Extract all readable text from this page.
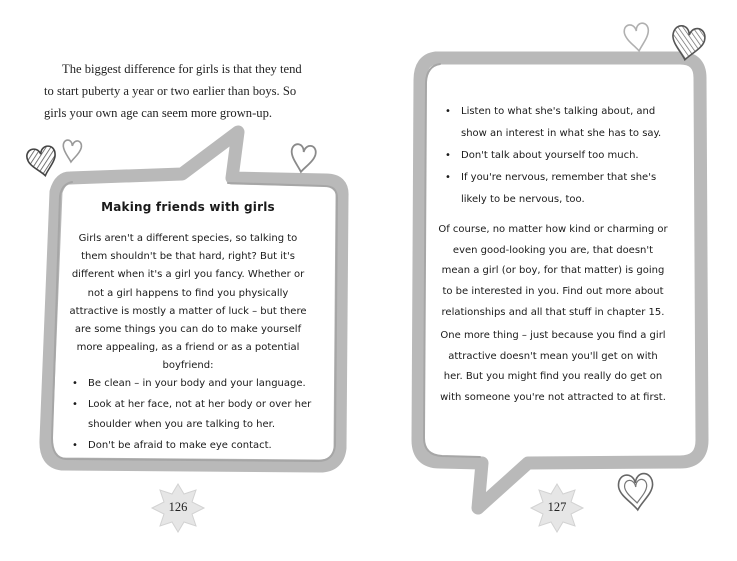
The biggest difference for girls is that they tend to start puberty a year or two earlier than boys. So girls your own age can seem more grown-up.

Making friends with girls

Girls aren't a different species, so talking to them shouldn't be that hard, right? But it's different when it's a girl you fancy. Whether or not a girl happens to find you physically attractive is mostly a matter of luck – but there are some things you can do to make yourself more appealing, as a friend or as a potential boyfriend:

• Be clean – in your body and your language.
• Look at her face, not at her body or over her shoulder when you are talking to her.
• Don't be afraid to make eye contact.
126
• Listen to what she's talking about, and show an interest in what she has to say.
• Don't talk about yourself too much.
• If you're nervous, remember that she's likely to be nervous, too.

Of course, no matter how kind or charming or even good-looking you are, that doesn't mean a girl (or boy, for that matter) is going to be interested in you. Find out more about relationships and all that stuff in chapter 15.

One more thing – just because you find a girl attractive doesn't mean you'll get on with her. But you might find you really do get on with someone you're not attracted to at first.

127
